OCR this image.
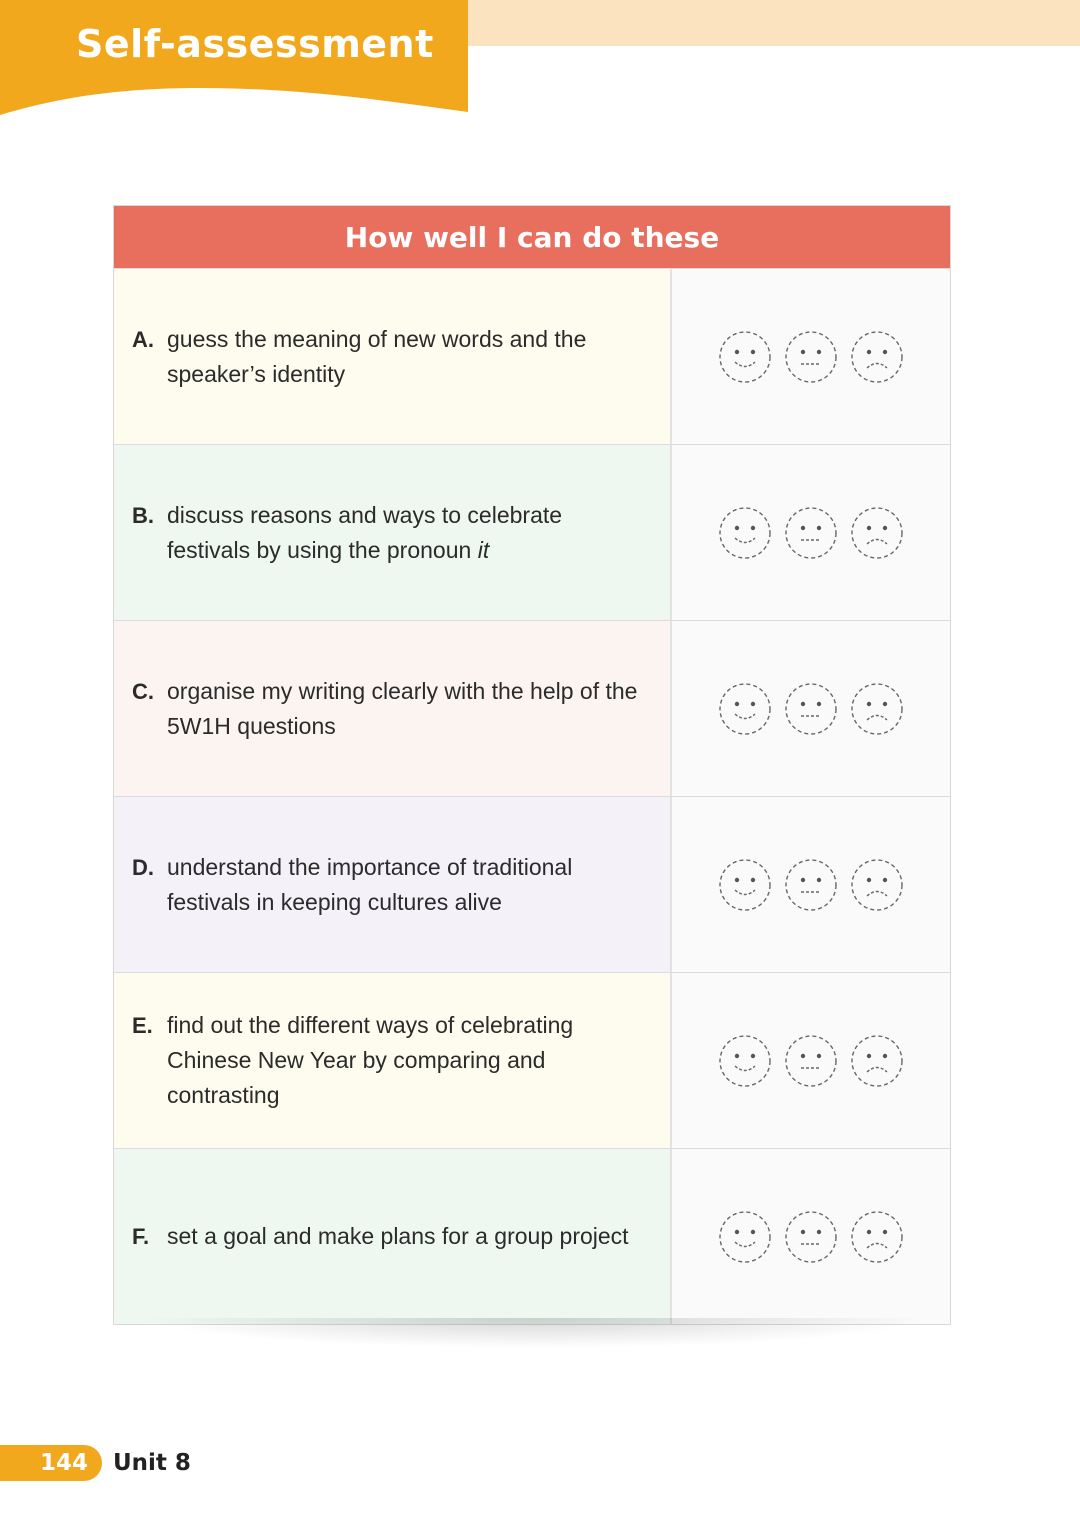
Self-assessment
How well I can do these
A. guess the meaning of new words and the speaker’s identity
B. discuss reasons and ways to celebrate festivals by using the pronoun it
C. organise my writing clearly with the help of the 5W1H questions
D. understand the importance of traditional festivals in keeping cultures alive
E. find out the different ways of celebrating Chinese New Year by comparing and contrasting
F. set a goal and make plans for a group project
144	Unit 8
